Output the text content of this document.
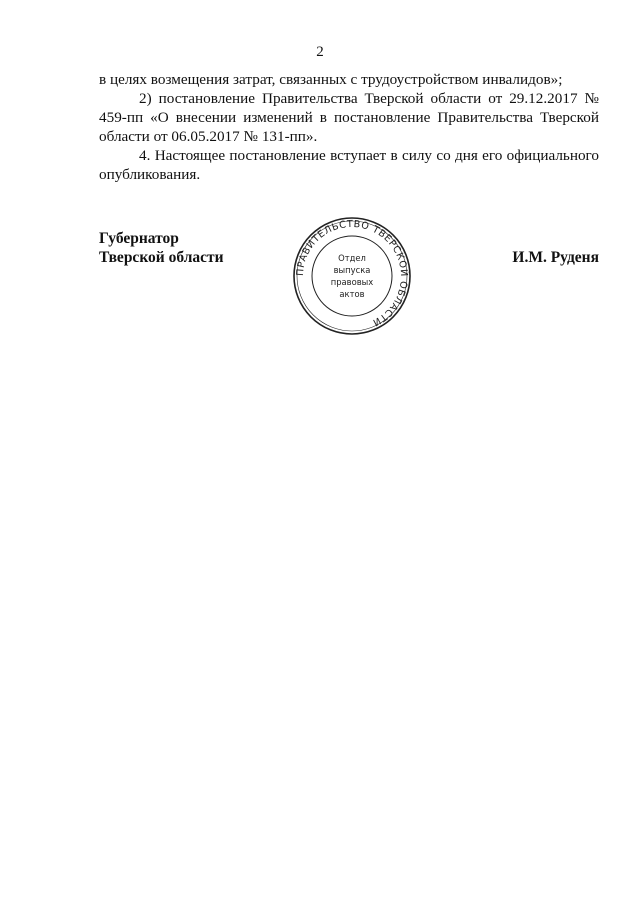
2

в целях возмещения затрат, связанных с трудоустройством инвалидов»;

2) постановление Правительства Тверской области от 29.12.2017 № 459-пп «О внесении изменений в постановление Правительства Тверской области от 06.05.2017 № 131-пп».

4. Настоящее постановление вступает в силу со дня его официального опубликования.

Губернатор
Тверской области
ПРАВИТЕЛЬСТВО ТВЕРСКОЙ ОБЛАСТИ
Отдел
выпуска
правовых
актов
И.М. Руденя
